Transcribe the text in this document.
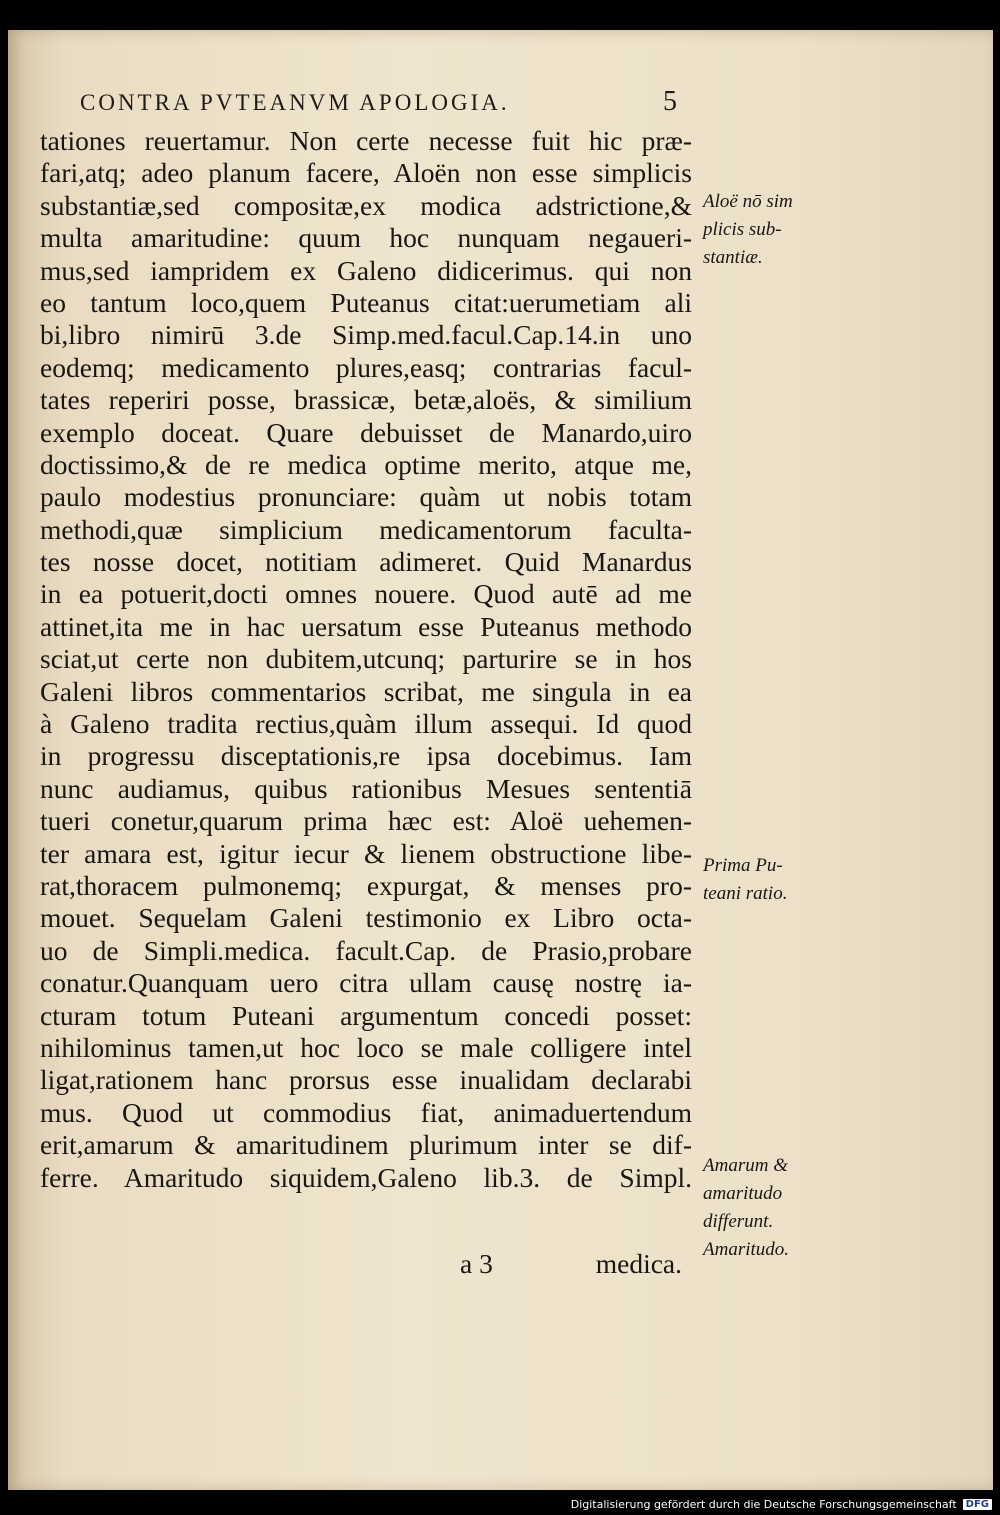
CONTRA PVTEANVM APOLOGIA.	5
tationes reuertamur. Non certe necesse fuit hic præ-
fari,atq; adeo planum facere, Aloën non esse simplicis
substantiæ,sed compositæ,ex modica adstrictione,&
multa amaritudine: quum hoc nunquam negaueri-
mus,sed iampridem ex Galeno didicerimus. qui non
eo tantum loco,quem Puteanus citat:uerumetiam ali
bi,libro nimirū 3.de Simp.med.facul.Cap.14.in uno
eodemq; medicamento plures,easq; contrarias facul-
tates reperiri posse, brassicæ, betæ,aloës, & similium
exemplo doceat. Quare debuisset de Manardo,uiro
doctissimo,& de re medica optime merito, atque me,
paulo modestius pronunciare: quàm ut nobis totam
methodi,quæ simplicium medicamentorum faculta-
tes nosse docet, notitiam adimeret. Quid Manardus
in ea potuerit,docti omnes nouere. Quod autē ad me
attinet,ita me in hac uersatum esse Puteanus methodo
sciat,ut certe non dubitem,utcunq; parturire se in hos
Galeni libros commentarios scribat, me singula in ea
à Galeno tradita rectius,quàm illum assequi. Id quod
in progressu disceptationis,re ipsa docebimus. Iam
nunc audiamus, quibus rationibus Mesues sententiā
tueri conetur,quarum prima hæc est: Aloë uehemen-
ter amara est, igitur iecur & lienem obstructione libe-
rat,thoracem pulmonemq; expurgat, & menses pro-
mouet. Sequelam Galeni testimonio ex Libro octa-
uo de Simpli.medica. facult.Cap. de Prasio,probare
conatur.Quanquam uero citra ullam causę nostrę ia-
cturam totum Puteani argumentum concedi posset:
nihilominus tamen,ut hoc loco se male colligere intel
ligat,rationem hanc prorsus esse inualidam declarabi
mus. Quod ut commodius fiat, animaduertendum
erit,amarum & amaritudinem plurimum inter se dif-
ferre. Amaritudo siquidem,Galeno lib.3. de Simpl.
a 3	medica.
Aloë nō sim
plicis sub-
stantiæ.
Prima Pu-
teani ratio.
Amarum &
amaritudo
differunt.
Amaritudo.
Digitalisierung gefördert durch die Deutsche Forschungsgemeinschaft DFG
